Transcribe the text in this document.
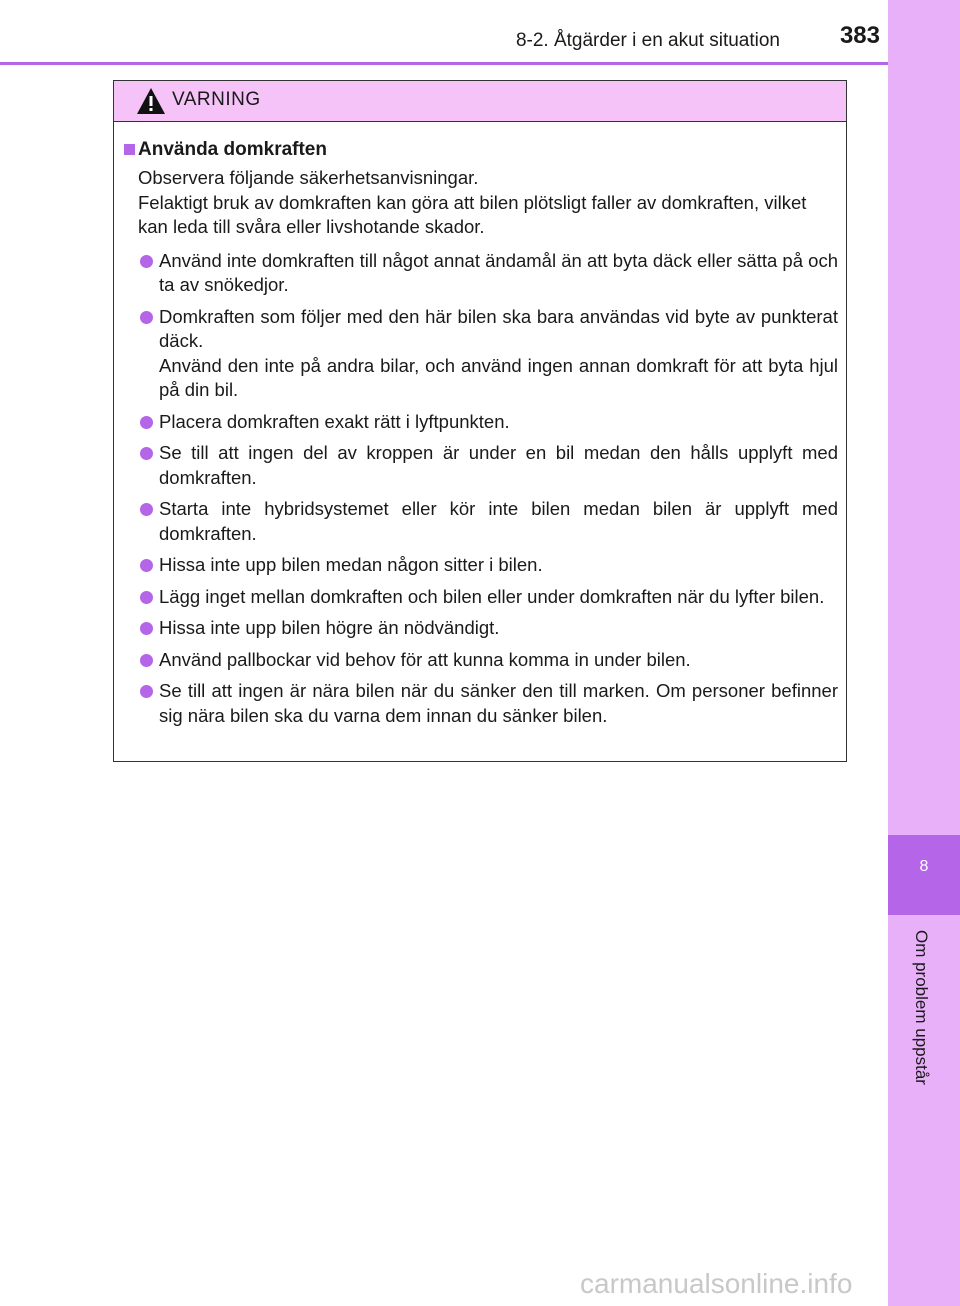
8-2. Åtgärder i en akut situation	383
8
Om problem uppstår
VARNING
Använda domkraften
Observera följande säkerhetsanvisningar.
Felaktigt bruk av domkraften kan göra att bilen plötsligt faller av domkraften, vilket kan leda till svåra eller livshotande skador.
Använd inte domkraften till något annat ändamål än att byta däck eller sätta på och ta av snökedjor.
Domkraften som följer med den här bilen ska bara användas vid byte av punkterat däck.
Använd den inte på andra bilar, och använd ingen annan domkraft för att byta hjul på din bil.
Placera domkraften exakt rätt i lyftpunkten.
Se till att ingen del av kroppen är under en bil medan den hålls upplyft med domkraften.
Starta inte hybridsystemet eller kör inte bilen medan bilen är upplyft med domkraften.
Hissa inte upp bilen medan någon sitter i bilen.
Lägg inget mellan domkraften och bilen eller under domkraften när du lyfter bilen.
Hissa inte upp bilen högre än nödvändigt.
Använd pallbockar vid behov för att kunna komma in under bilen.
Se till att ingen är nära bilen när du sänker den till marken. Om personer befinner sig nära bilen ska du varna dem innan du sänker bilen.
carmanualsonline.info
